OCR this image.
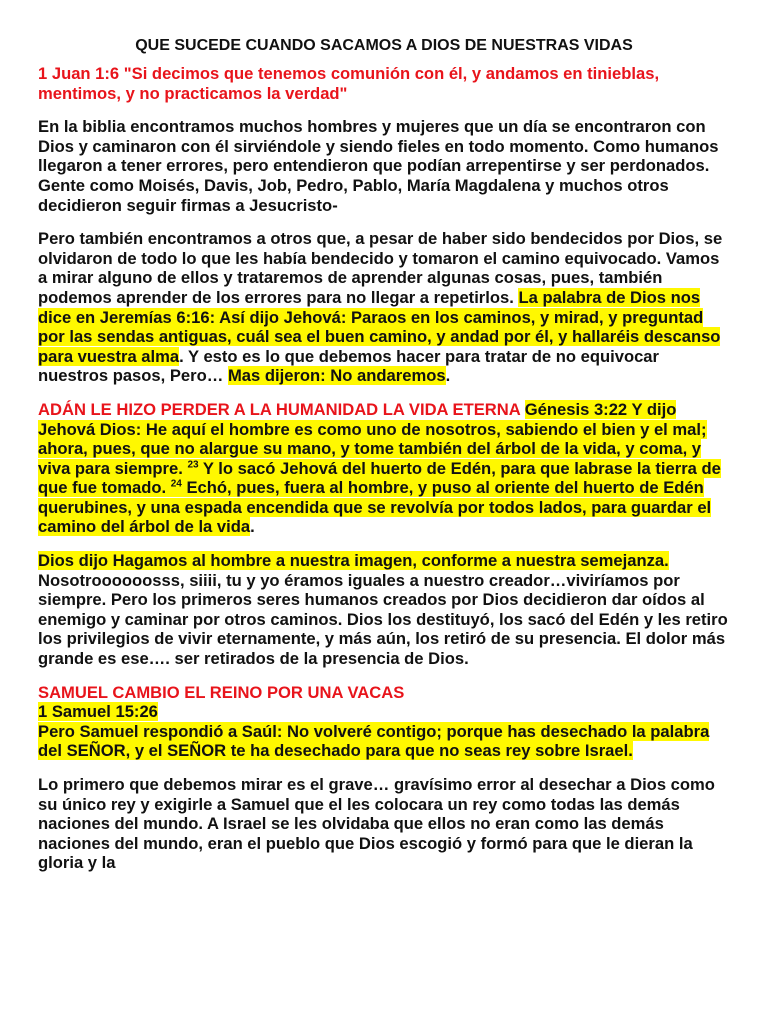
QUE SUCEDE CUANDO SACAMOS A DIOS DE NUESTRAS VIDAS

1 Juan 1:6 "Si decimos que tenemos comunión con él, y andamos en tinieblas, mentimos, y no practicamos la verdad"

En la biblia encontramos muchos hombres y mujeres que un día se encontraron con Dios y caminaron con él sirviéndole y siendo fieles en todo momento. Como humanos llegaron a tener errores, pero entendieron que podían arrepentirse y ser perdonados. Gente como Moisés, Davis, Job, Pedro, Pablo, María Magdalena y muchos otros decidieron seguir firmas a Jesucristo-

Pero también encontramos a otros que, a pesar de haber sido bendecidos por Dios, se olvidaron de todo lo que les había bendecido y tomaron el camino equivocado. Vamos a mirar alguno de ellos y trataremos de aprender algunas cosas, pues, también podemos aprender de los errores para no llegar a repetirlos. La palabra de Dios nos dice en Jeremías 6:16: Así dijo Jehová: Paraos en los caminos, y mirad, y preguntad por las sendas antiguas, cuál sea el buen camino, y andad por él, y hallaréis descanso para vuestra alma. Y esto es lo que debemos hacer para tratar de no equivocar nuestros pasos, Pero… Mas dijeron: No andaremos.

ADÁN LE HIZO PERDER A LA HUMANIDAD LA VIDA ETERNA Génesis 3:22 Y dijo Jehová Dios: He aquí el hombre es como uno de nosotros, sabiendo el bien y el mal; ahora, pues, que no alargue su mano, y tome también del árbol de la vida, y coma, y viva para siempre. $^{23}$ Y lo sacó Jehová del huerto de Edén, para que labrase la tierra de que fue tomado. $^{24}$ Echó, pues, fuera al hombre, y puso al oriente del huerto de Edén querubines, y una espada encendida que se revolvía por todos lados, para guardar el camino del árbol de la vida.

Dios dijo Hagamos al hombre a nuestra imagen, conforme a nuestra semejanza. Nosotroooooosss, siiii, tu y yo éramos iguales a nuestro creador…viviríamos por siempre. Pero los primeros seres humanos creados por Dios decidieron dar oídos al enemigo y caminar por otros caminos. Dios los destituyó, los sacó del Edén y les retiro los privilegios de vivir eternamente, y más aún, los retiró de su presencia. El dolor más grande es ese…. ser retirados de la presencia de Dios.

SAMUEL CAMBIO EL REINO POR UNA VACAS
1 Samuel 15:26
Pero Samuel respondió a Saúl: No volveré contigo; porque has desechado la palabra del SEÑOR, y el SEÑOR te ha desechado para que no seas rey sobre Israel.

Lo primero que debemos mirar es el grave… gravísimo error al desechar a Dios como su único rey y exigirle a Samuel que el les colocara un rey como todas las demás naciones del mundo. A Israel se les olvidaba que ellos no eran como las demás naciones del mundo, eran el pueblo que Dios escogió y formó para que le dieran la gloria y la
